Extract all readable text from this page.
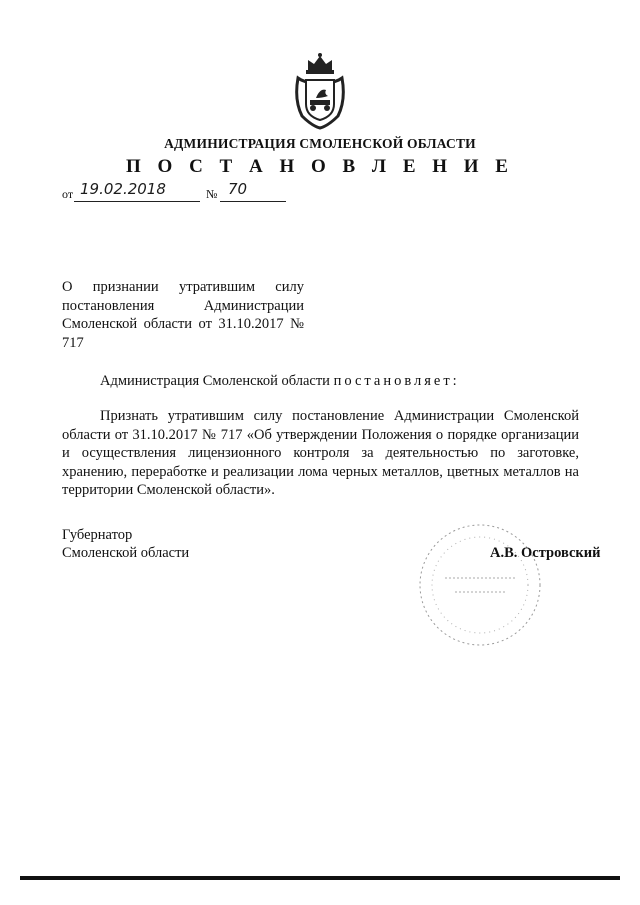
АДМИНИСТРАЦИЯ СМОЛЕНСКОЙ ОБЛАСТИ
П О С Т А Н О В Л Е Н И Е
от 19.02.2018	№ 70
О признании утратившим силу постановления Администрации Смоленской области от 31.10.2017 № 717
Администрация Смоленской области постановляет:
Признать утратившим силу постановление Администрации Смоленской области от 31.10.2017 № 717 «Об утверждении Положения о порядке организации и осуществления лицензионного контроля за деятельностью по заготовке, хранению, переработке и реализации лома черных металлов, цветных металлов на территории Смоленской области».
Губернатор
Смоленской области	А.В. Островский
